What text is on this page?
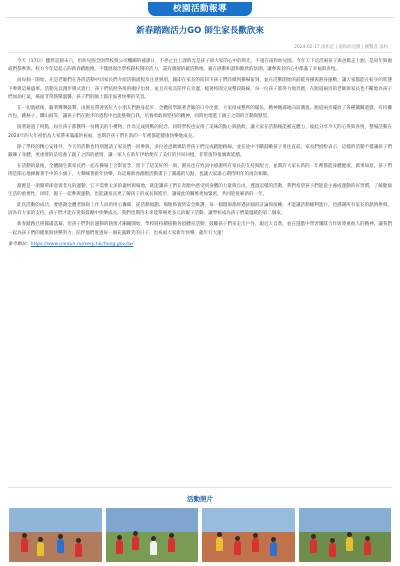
校園活動報導
新春踏跑活力GO 師生家長歡欣來
2024-02-17 南和記 | 南和幼兒園 | 瀏覽者 南和

今天（17日）雖然是週末六，但幼兒園全園學校與公司機關的補課日，不停止往上課時光是孩子與大家的心中的時光，不過在南和幼兒園，今年天下這活兩孩子與爸媽走上跑，是同年與親戚們都參與。校方今年這起心的新春踏跑跑，不僅展現出學校跟校園的活力，還有幾層的確活動地，親在感動和諧和歡欣的氛圍，讓參與者的心中都滿了幸福與喜悅。

而每個一開始，先是老師們在各班活動中同家長們介紹活動流程及注意事項，隨即在家長的陪同下孩子們陸續到操場報到，並在活動開始的前暖身操與熱身運動，讓大家都能在較少的狀態下參與這場盛事。活動先以跑步模式進行，孩子們依照各班的順序出發，並且有家長陪伴在旁邊，繞著校園完成整段路線，每一位孩子都努力地奔跑，在跑道兩旁的老師與家長也不斷地為孩子們加油打氣，場面非常熱鬧溫馨，孩子們的臉上都洋溢著快樂的笑容。

在一切就緒後，隨著聲聲鼓聲，由園長帶著各位大小朋友們熱身起步，全體同學跟著老師的口令出發，大家排成整齊的隊伍，精神飽滿地向前邁進。跑道兩旁擺放了各種闖關遊戲，有投擲沙包、跳格子、鑽山洞等，讓孩子們在跑步的過程中也能挑戰自我，培養勇敢與堅持的精神，同時也增進了親子之間的互動與默契。

接著通過了終點，每位孩子都獲得一份精美的小禮物，作為完成挑戰的紀念。同時學校也安排了美味的點心與熱飲，讓大家在活動後能補充體力，彼此分享今天的心得與喜悅，整場活動在2024年的大年初始為大家帶來滿滿的祝福，也期許孩子們在新的一年裡都能健康快樂地成長。

除了學校的精心安排外，今天的活動也特別邀請了家長們一同參與，多位爸爸媽媽陪伴孩子們完成踏跑路線，並在途中不斷鼓勵孩子勇往直前。家長們紛紛表示，這樣的活動不僅讓孩子們鍛鍊了身體，更重要的是培養了親子之間的感情，讓一家人在新年伊始便有了美好的共同回憶，非常值得推廣與延續。

在活動的最後，全體師生與家長們一起在操場上合影留念，留下了這美好的一刻。園長也在致詞中感謝所有家長的支持與配合，並期許大家在新的一年裡都能身體健康、萬事如意。孩子們則是開心地揮舞著手中的小旗子，大聲喊著新年快樂，為這場新春踏跑活動畫下了圓滿的句點，也讓大家滿心期待明年的再次相聚。

踏跑是一項簡單卻意義非凡的運動，它不需要太多的器材與場地，就能讓孩子們在奔跑中感受到身體的力量與自由。透過這樣的活動，我們希望孩子們能從小養成運動的好習慣，了解健康生活的重要性。同時，親子一起參與運動，也能讓家長更了解孩子的成長與進步，讓彼此的關係更加緊密，共同迎接嶄新的一年。

此次活動的成功，要感謝全體老師與工作人員的用心籌備，從活動規劃、場地佈置到安全維護，每一個環節都經過詳細的討論與演練，才能讓活動順利進行。也感謝所有家長的熱情參與，因為有大家的支持，孩子們才能在愛與鼓勵中快樂成長，我們也期待未來能舉辦更多元的親子活動，讓學校成為孩子們最溫暖的第二個家。

新春踏跑已經圓滿落幕，但孩子們對於運動的熱情才剛剛開始。學校將持續推動各項體育活動，鼓勵孩子們多走出戶外，親近大自然，並在遊戲中學習團隊合作與尊重他人的精神。讓我們一起為孩子們的健康與快樂努力，陪伴他們度過每一個充滿歡笑的日子，也祝福大家新年快樂，龍年行大運！

參考網址：https://www.nantun-nursery.taichung.gov.tw/

活動照片
